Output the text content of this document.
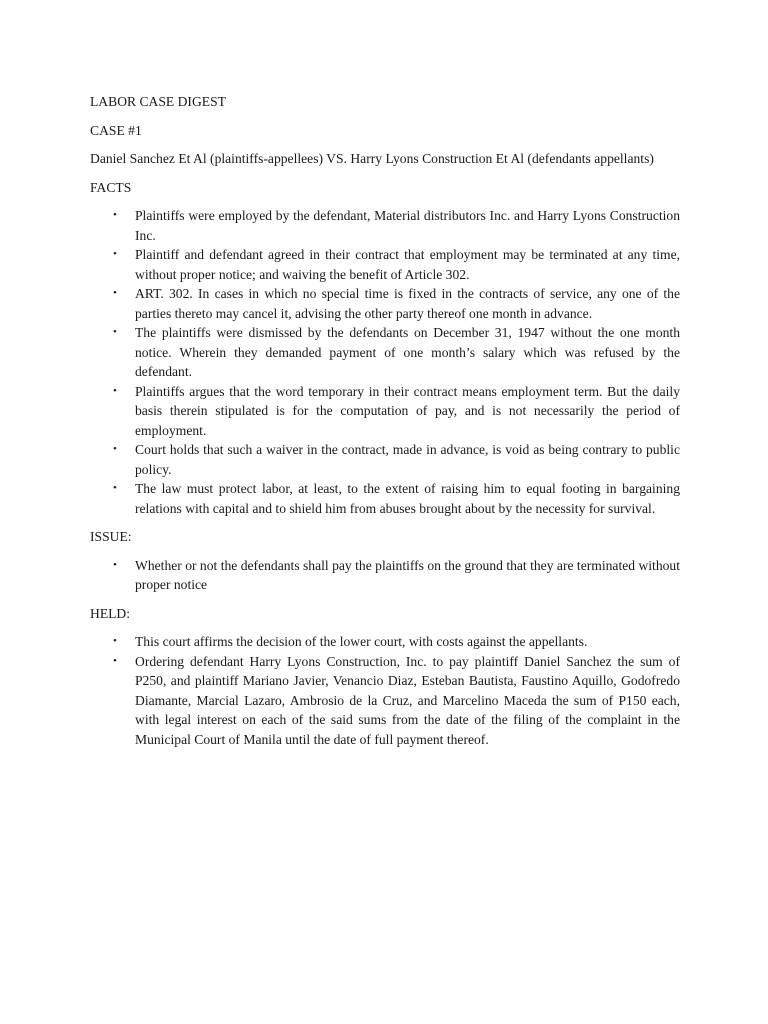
LABOR CASE DIGEST

CASE #1

Daniel Sanchez Et Al (plaintiffs-appellees) VS. Harry Lyons Construction Et Al (defendants appellants)

FACTS

• Plaintiffs were employed by the defendant, Material distributors Inc. and Harry Lyons Construction Inc.
• Plaintiff and defendant agreed in their contract that employment may be terminated at any time, without proper notice; and waiving the benefit of Article 302.
• ART. 302. In cases in which no special time is fixed in the contracts of service, any one of the parties thereto may cancel it, advising the other party thereof one month in advance.
• The plaintiffs were dismissed by the defendants on December 31, 1947 without the one month notice. Wherein they demanded payment of one month’s salary which was refused by the defendant.
• Plaintiffs argues that the word temporary in their contract means employment term. But the daily basis therein stipulated is for the computation of pay, and is not necessarily the period of employment.
• Court holds that such a waiver in the contract, made in advance, is void as being contrary to public policy.
• The law must protect labor, at least, to the extent of raising him to equal footing in bargaining relations with capital and to shield him from abuses brought about by the necessity for survival.

ISSUE:

• Whether or not the defendants shall pay the plaintiffs on the ground that they are terminated without proper notice

HELD:

• This court affirms the decision of the lower court, with costs against the appellants.
• Ordering defendant Harry Lyons Construction, Inc. to pay plaintiff Daniel Sanchez the sum of P250, and plaintiff Mariano Javier, Venancio Diaz, Esteban Bautista, Faustino Aquillo, Godofredo Diamante, Marcial Lazaro, Ambrosio de la Cruz, and Marcelino Maceda the sum of P150 each, with legal interest on each of the said sums from the date of the filing of the complaint in the Municipal Court of Manila until the date of full payment thereof.
